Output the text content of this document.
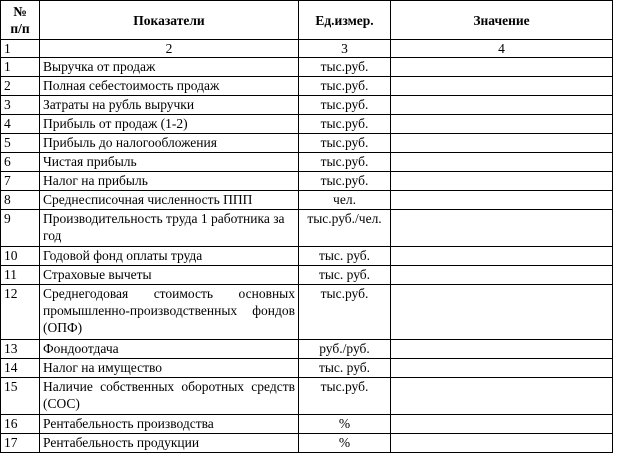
№
п/п	Показатели	Ед.измер.	Значение
1	2	3	4
1	Выручка от продаж	тыс.руб.	
2	Полная себестоимость продаж	тыс.руб.	
3	Затраты на рубль выручки	тыс.руб.	
4	Прибыль от продаж (1-2)	тыс.руб.	
5	Прибыль до налогообложения	тыс.руб.	
6	Чистая прибыль	тыс.руб.	
7	Налог на прибыль	тыс.руб.	
8	Среднесписочная численность ППП	чел.	
9	Производительность труда 1 работника за год	тыс.руб./чел.	
10	Годовой фонд оплаты труда	тыс. руб.	
11	Страховые вычеты	тыс. руб.	
12	Среднегодовая стоимость основных промышленно-производственных фондов (ОПФ)	тыс.руб.	
13	Фондоотдача	руб./руб.	
14	Налог на имущество	тыс. руб.	
15	Наличие собственных оборотных средств (СОС)	тыс.руб.	
16	Рентабельность производства	%	
17	Рентабельность продукции	%	
